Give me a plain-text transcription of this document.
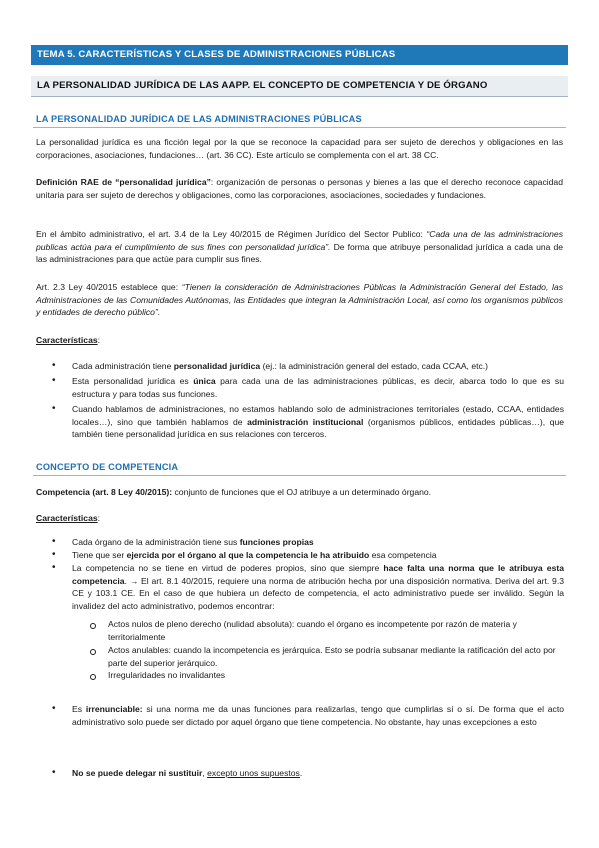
TEMA 5. CARACTERÍSTICAS Y CLASES DE ADMINISTRACIONES PÚBLICAS
LA PERSONALIDAD JURÍDICA DE LAS AAPP. EL CONCEPTO DE COMPETENCIA Y DE ÓRGANO
LA PERSONALIDAD JURÍDICA DE LAS ADMINISTRACIONES PÚBLICAS
La personalidad jurídica es una ficción legal por la que se reconoce la capacidad para ser sujeto de derechos y obligaciones en las corporaciones, asociaciones, fundaciones… (art. 36 CC). Este artículo se complementa con el art. 38 CC.
Definición RAE de “personalidad jurídica”: organización de personas o personas y bienes a las que el derecho reconoce capacidad unitaria para ser sujeto de derechos y obligaciones, como las corporaciones, asociaciones, sociedades y fundaciones.
En el ámbito administrativo, el art. 3.4 de la Ley 40/2015 de Régimen Jurídico del Sector Publico: “Cada una de las administraciones publicas actúa para el cumplimiento de sus fines con personalidad jurídica”. De forma que atribuye personalidad jurídica a cada una de las administraciones para que actúe para cumplir sus fines.
Art. 2.3 Ley 40/2015 establece que: “Tienen la consideración de Administraciones Públicas la Administración General del Estado, las Administraciones de las Comunidades Autónomas, las Entidades que integran la Administración Local, así como los organismos públicos y entidades de derecho público”.
Características:
• Cada administración tiene personalidad jurídica (ej.: la administración general del estado, cada CCAA, etc.)
• Esta personalidad jurídica es única para cada una de las administraciones públicas, es decir, abarca todo lo que es su estructura y para todas sus funciones.
• Cuando hablamos de administraciones, no estamos hablando solo de administraciones territoriales (estado, CCAA, entidades locales…), sino que también hablamos de administración institucional (organismos públicos, entidades públicas…), que también tiene personalidad jurídica en sus relaciones con terceros.
CONCEPTO DE COMPETENCIA
Competencia (art. 8 Ley 40/2015): conjunto de funciones que el OJ atribuye a un determinado órgano.
Características:
• Cada órgano de la administración tiene sus funciones propias
• Tiene que ser ejercida por el órgano al que la competencia le ha atribuido esa competencia
• La competencia no se tiene en virtud de poderes propios, sino que siempre hace falta una norma que le atribuya esta competencia. → El art. 8.1 40/2015, requiere una norma de atribución hecha por una disposición normativa. Deriva del art. 9.3 CE y 103.1 CE. En el caso de que hubiera un defecto de competencia, el acto administrativo puede ser inválido. Según la invalidez del acto administrativo, podemos encontrar:
Actos nulos de pleno derecho (nulidad absoluta): cuando el órgano es incompetente por razón de materia y territorialmente
Actos anulables: cuando la incompetencia es jerárquica. Esto se podría subsanar mediante la ratificación del acto por parte del superior jerárquico.
Irregularidades no invalidantes
• Es irrenunciable: si una norma me da unas funciones para realizarlas, tengo que cumplirlas sí o sí. De forma que el acto administrativo solo puede ser dictado por aquel órgano que tiene competencia. No obstante, hay unas excepciones a esto
• No se puede delegar ni sustituir, excepto unos supuestos.
